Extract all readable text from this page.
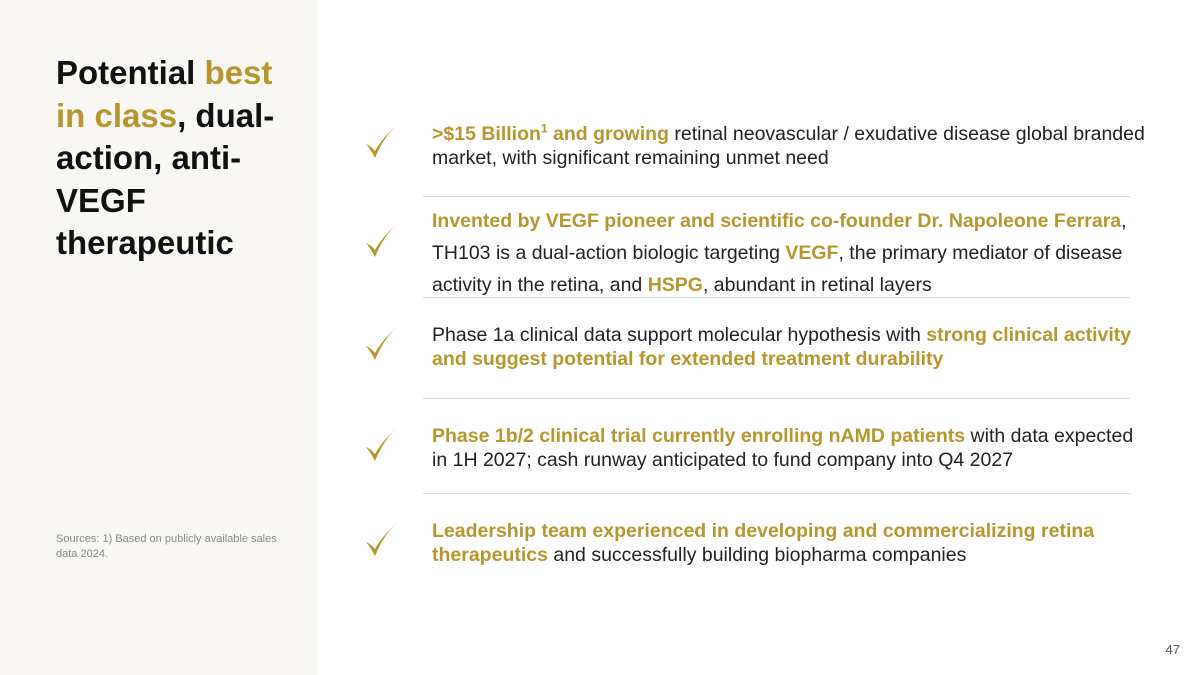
Potential best in class, dual-action, anti-VEGF therapeutic
Sources: 1) Based on publicly available sales data 2024.
>$15 Billion$^1$ and growing retinal neovascular / exudative disease global branded market, with significant remaining unmet need
Invented by VEGF pioneer and scientific co-founder Dr. Napoleone Ferrara, TH103 is a dual-action biologic targeting VEGF, the primary mediator of disease activity in the retina, and HSPG, abundant in retinal layers
Phase 1a clinical data support molecular hypothesis with strong clinical activity and suggest potential for extended treatment durability
Phase 1b/2 clinical trial currently enrolling nAMD patients with data expected in 1H 2027; cash runway anticipated to fund company into Q4 2027
Leadership team experienced in developing and commercializing retina therapeutics and successfully building biopharma companies
47
